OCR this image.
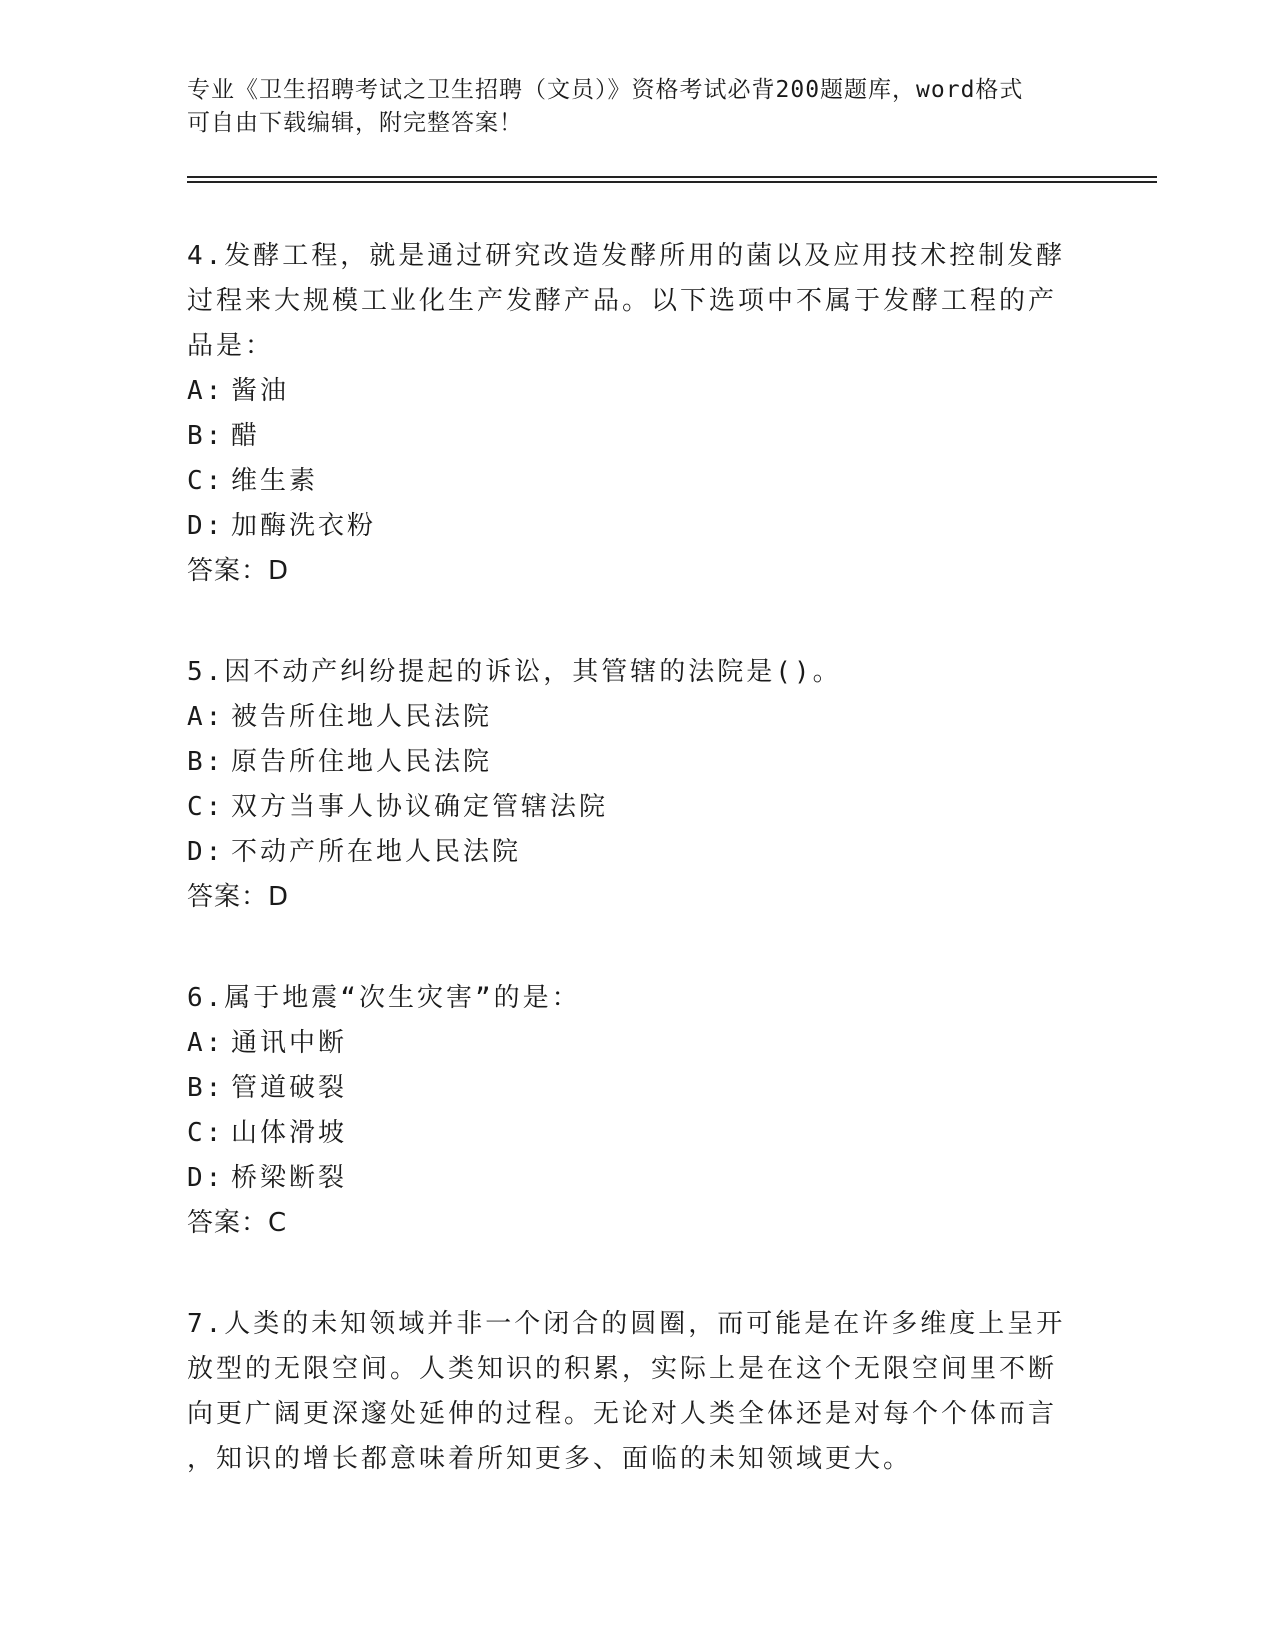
专业《卫生招聘考试之卫生招聘（文员）》资格考试必背200题题库，word格式
可自由下载编辑，附完整答案！
4.发酵工程，就是通过研究改造发酵所用的菌以及应用技术控制发酵
过程来大规模工业化生产发酵产品。以下选项中不属于发酵工程的产
品是：
A: 酱油
B: 醋
C: 维生素
D: 加酶洗衣粉
答案：D
5.因不动产纠纷提起的诉讼，其管辖的法院是()。
A: 被告所住地人民法院
B: 原告所住地人民法院
C: 双方当事人协议确定管辖法院
D: 不动产所在地人民法院
答案：D
6.属于地震“次生灾害”的是：
A: 通讯中断
B: 管道破裂
C: 山体滑坡
D: 桥梁断裂
答案：C
7.人类的未知领域并非一个闭合的圆圈，而可能是在许多维度上呈开
放型的无限空间。人类知识的积累，实际上是在这个无限空间里不断
向更广阔更深邃处延伸的过程。无论对人类全体还是对每个个体而言
，知识的增长都意味着所知更多、面临的未知领域更大。
